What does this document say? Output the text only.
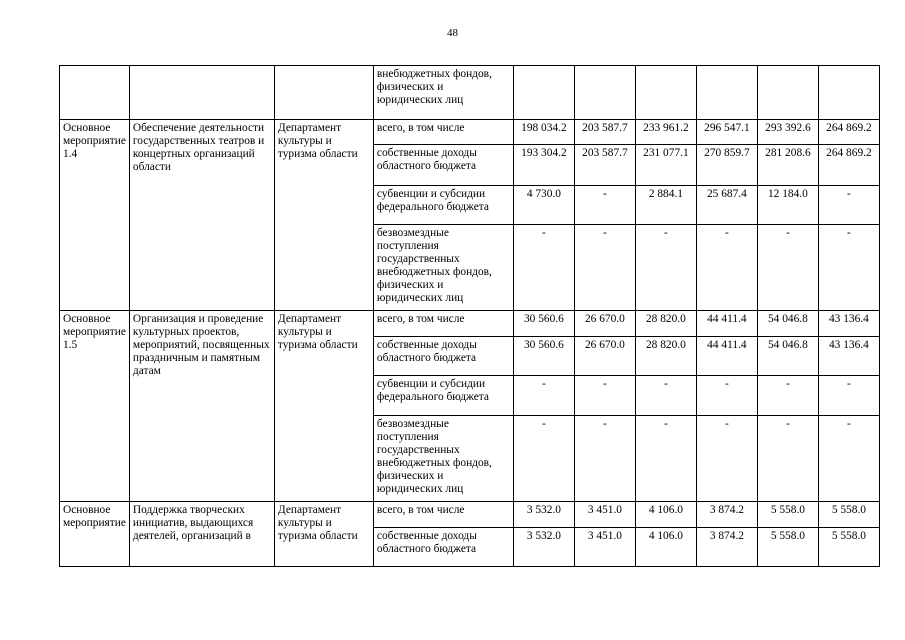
48
			внебюджетных фондов, физических и юридических лиц						
Основное мероприятие 1.4	Обеспечение деятельности государственных театров и концертных организаций области	Департамент культуры и туризма области	всего, в том числе	198 034.2	203 587.7	233 961.2	296 547.1	293 392.6	264 869.2
			собственные доходы областного бюджета	193 304.2	203 587.7	231 077.1	270 859.7	281 208.6	264 869.2
			субвенции и субсидии федерального бюджета	4 730.0	-	2 884.1	25 687.4	12 184.0	-
			безвозмездные поступления государственных внебюджетных фондов, физических и юридических лиц	-	-	-	-	-	-
Основное мероприятие 1.5	Организация и проведение культурных проектов, мероприятий, посвященных праздничным и памятным датам	Департамент культуры и туризма области	всего, в том числе	30 560.6	26 670.0	28 820.0	44 411.4	54 046.8	43 136.4
			собственные доходы областного бюджета	30 560.6	26 670.0	28 820.0	44 411.4	54 046.8	43 136.4
			субвенции и субсидии федерального бюджета	-	-	-	-	-	-
			безвозмездные поступления государственных внебюджетных фондов, физических и юридических лиц	-	-	-	-	-	-
Основное мероприятие	Поддержка творческих инициатив, выдающихся деятелей, организаций в	Департамент культуры и туризма области	всего, в том числе	3 532.0	3 451.0	4 106.0	3 874.2	5 558.0	5 558.0
			собственные доходы областного бюджета	3 532.0	3 451.0	4 106.0	3 874.2	5 558.0	5 558.0
